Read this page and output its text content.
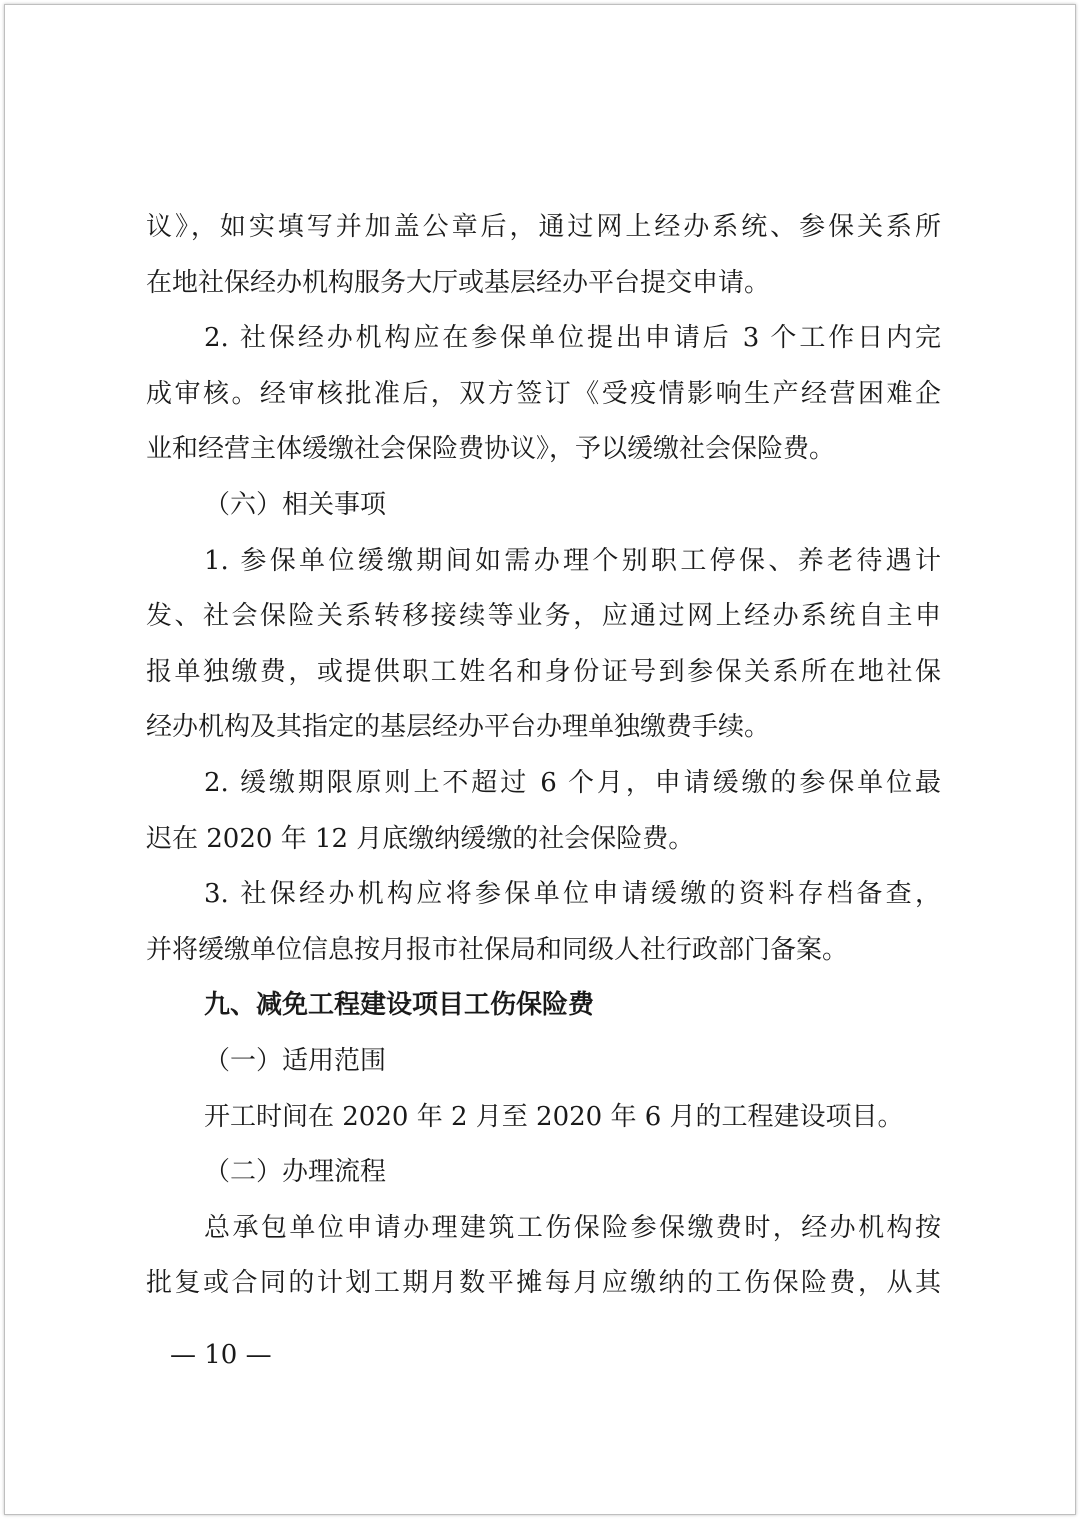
议》，如实填写并加盖公章后，通过网上经办系统、参保关系所
在地社保经办机构服务大厅或基层经办平台提交申请。
2. 社保经办机构应在参保单位提出申请后 3 个工作日内完
成审核。经审核批准后，双方签订《受疫情影响生产经营困难企
业和经营主体缓缴社会保险费协议》，予以缓缴社会保险费。
（六）相关事项
1. 参保单位缓缴期间如需办理个别职工停保、养老待遇计
发、社会保险关系转移接续等业务，应通过网上经办系统自主申
报单独缴费，或提供职工姓名和身份证号到参保关系所在地社保
经办机构及其指定的基层经办平台办理单独缴费手续。
2. 缓缴期限原则上不超过 6 个月，申请缓缴的参保单位最
迟在 2020 年 12 月底缴纳缓缴的社会保险费。
3. 社保经办机构应将参保单位申请缓缴的资料存档备查，
并将缓缴单位信息按月报市社保局和同级人社行政部门备案。
九、减免工程建设项目工伤保险费
（一）适用范围
开工时间在 2020 年 2 月至 2020 年 6 月的工程建设项目。
（二）办理流程
总承包单位申请办理建筑工伤保险参保缴费时，经办机构按
批复或合同的计划工期月数平摊每月应缴纳的工伤保险费，从其
— 10 —
